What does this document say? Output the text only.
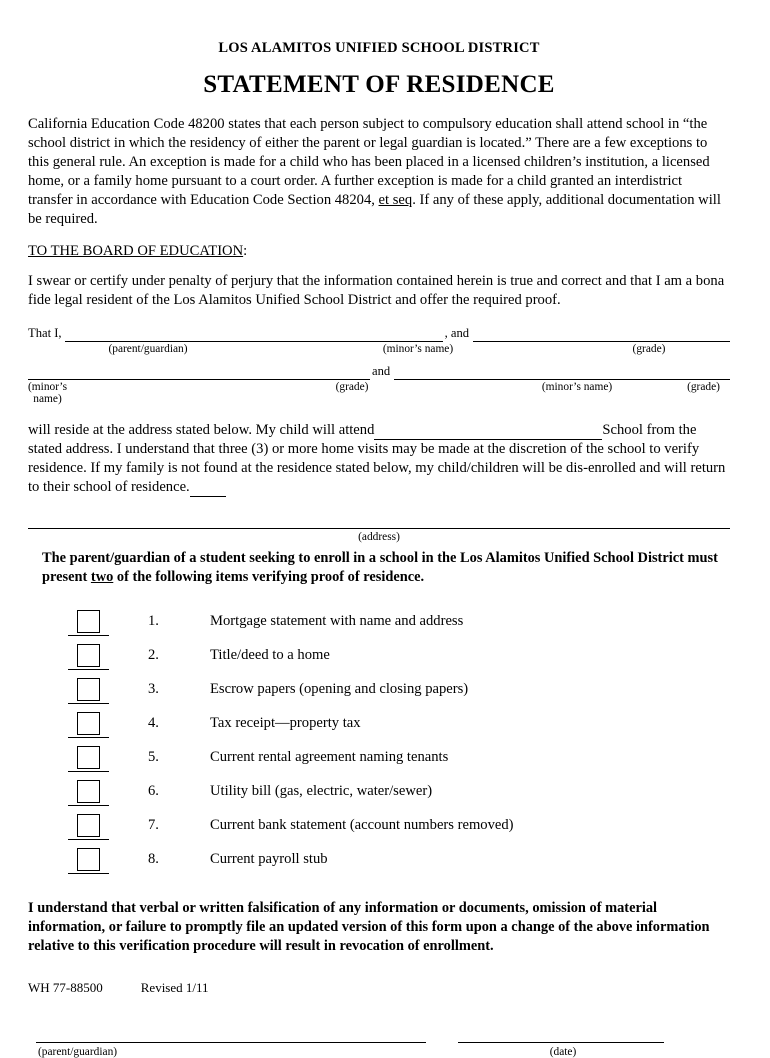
LOS ALAMITOS UNIFIED SCHOOL DISTRICT
STATEMENT OF RESIDENCE

California Education Code 48200 states that each person subject to compulsory education shall attend school in “the school district in which the residency of either the parent or legal guardian is located.” There are a few exceptions to this general rule. An exception is made for a child who has been placed in a licensed children’s institution, a licensed home, or a family home pursuant to a court order. A further exception is made for a child granted an interdistrict transfer in accordance with Education Code Section 48204, et seq. If any of these apply, additional documentation will be required.

TO THE BOARD OF EDUCATION:

I swear or certify under penalty of perjury that the information contained herein is true and correct and that I am a bona fide legal resident of the Los Alamitos Unified School District and offer the required proof.

That I,	, and
(parent/guardian)	(minor’s name)	(grade)
and
(minor’s name)
(grade)	(minor’s name)	(grade)

will reside at the address stated below. My child will attend	School from the stated address. I understand that three (3) or more home visits may be made at the discretion of the school to verify residence. If my family is not found at the residence stated below, my child/children will be dis-enrolled and will return to their school of residence.

(address)

The parent/guardian of a student seeking to enroll in a school in the Los Alamitos Unified School District must present two of the following items verifying proof of residence.

1.	Mortgage statement with name and address
2.	Title/deed to a home
3.	Escrow papers (opening and closing papers)
4.	Tax receipt—property tax
5.	Current rental agreement naming tenants
6.	Utility bill (gas, electric, water/sewer)
7.	Current bank statement (account numbers removed)
8.	Current payroll stub

I understand that verbal or written falsification of any information or documents, omission of material information, or failure to promptly file an updated version of this form upon a change of the above information relative to this verification procedure will result in revocation of enrollment.

(parent/guardian)	(date)
WH 77-88500	Revised 1/11
